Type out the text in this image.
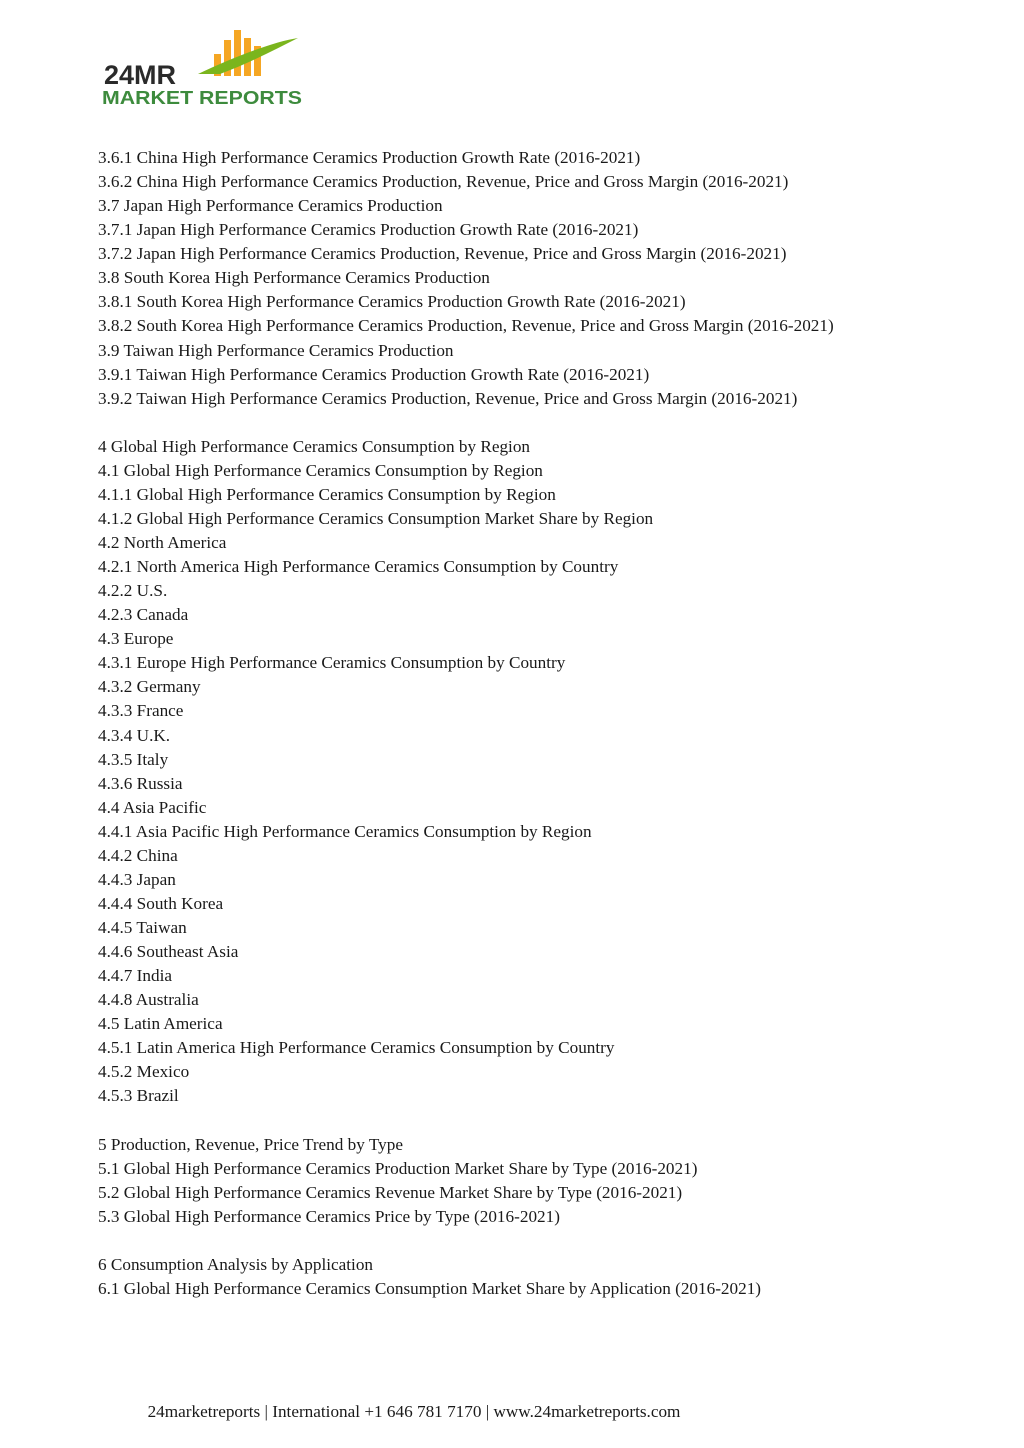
24MR
MARKET REPORTS
3.6.1 China High Performance Ceramics Production Growth Rate (2016-2021)
3.6.2 China High Performance Ceramics Production, Revenue, Price and Gross Margin (2016-2021)
3.7 Japan High Performance Ceramics Production
3.7.1 Japan High Performance Ceramics Production Growth Rate (2016-2021)
3.7.2 Japan High Performance Ceramics Production, Revenue, Price and Gross Margin (2016-2021)
3.8 South Korea High Performance Ceramics Production
3.8.1 South Korea High Performance Ceramics Production Growth Rate (2016-2021)
3.8.2 South Korea High Performance Ceramics Production, Revenue, Price and Gross Margin (2016-2021)
3.9 Taiwan High Performance Ceramics Production
3.9.1 Taiwan High Performance Ceramics Production Growth Rate (2016-2021)
3.9.2 Taiwan High Performance Ceramics Production, Revenue, Price and Gross Margin (2016-2021)
4 Global High Performance Ceramics Consumption by Region
4.1 Global High Performance Ceramics Consumption by Region
4.1.1 Global High Performance Ceramics Consumption by Region
4.1.2 Global High Performance Ceramics Consumption Market Share by Region
4.2 North America
4.2.1 North America High Performance Ceramics Consumption by Country
4.2.2 U.S.
4.2.3 Canada
4.3 Europe
4.3.1 Europe High Performance Ceramics Consumption by Country
4.3.2 Germany
4.3.3 France
4.3.4 U.K.
4.3.5 Italy
4.3.6 Russia
4.4 Asia Pacific
4.4.1 Asia Pacific High Performance Ceramics Consumption by Region
4.4.2 China
4.4.3 Japan
4.4.4 South Korea
4.4.5 Taiwan
4.4.6 Southeast Asia
4.4.7 India
4.4.8 Australia
4.5 Latin America
4.5.1 Latin America High Performance Ceramics Consumption by Country
4.5.2 Mexico
4.5.3 Brazil
5 Production, Revenue, Price Trend by Type
5.1 Global High Performance Ceramics Production Market Share by Type (2016-2021)
5.2 Global High Performance Ceramics Revenue Market Share by Type (2016-2021)
5.3 Global High Performance Ceramics Price by Type (2016-2021)
6 Consumption Analysis by Application
6.1 Global High Performance Ceramics Consumption Market Share by Application (2016-2021)
24marketreports | International +1 646 781 7170 | www.24marketreports.com
